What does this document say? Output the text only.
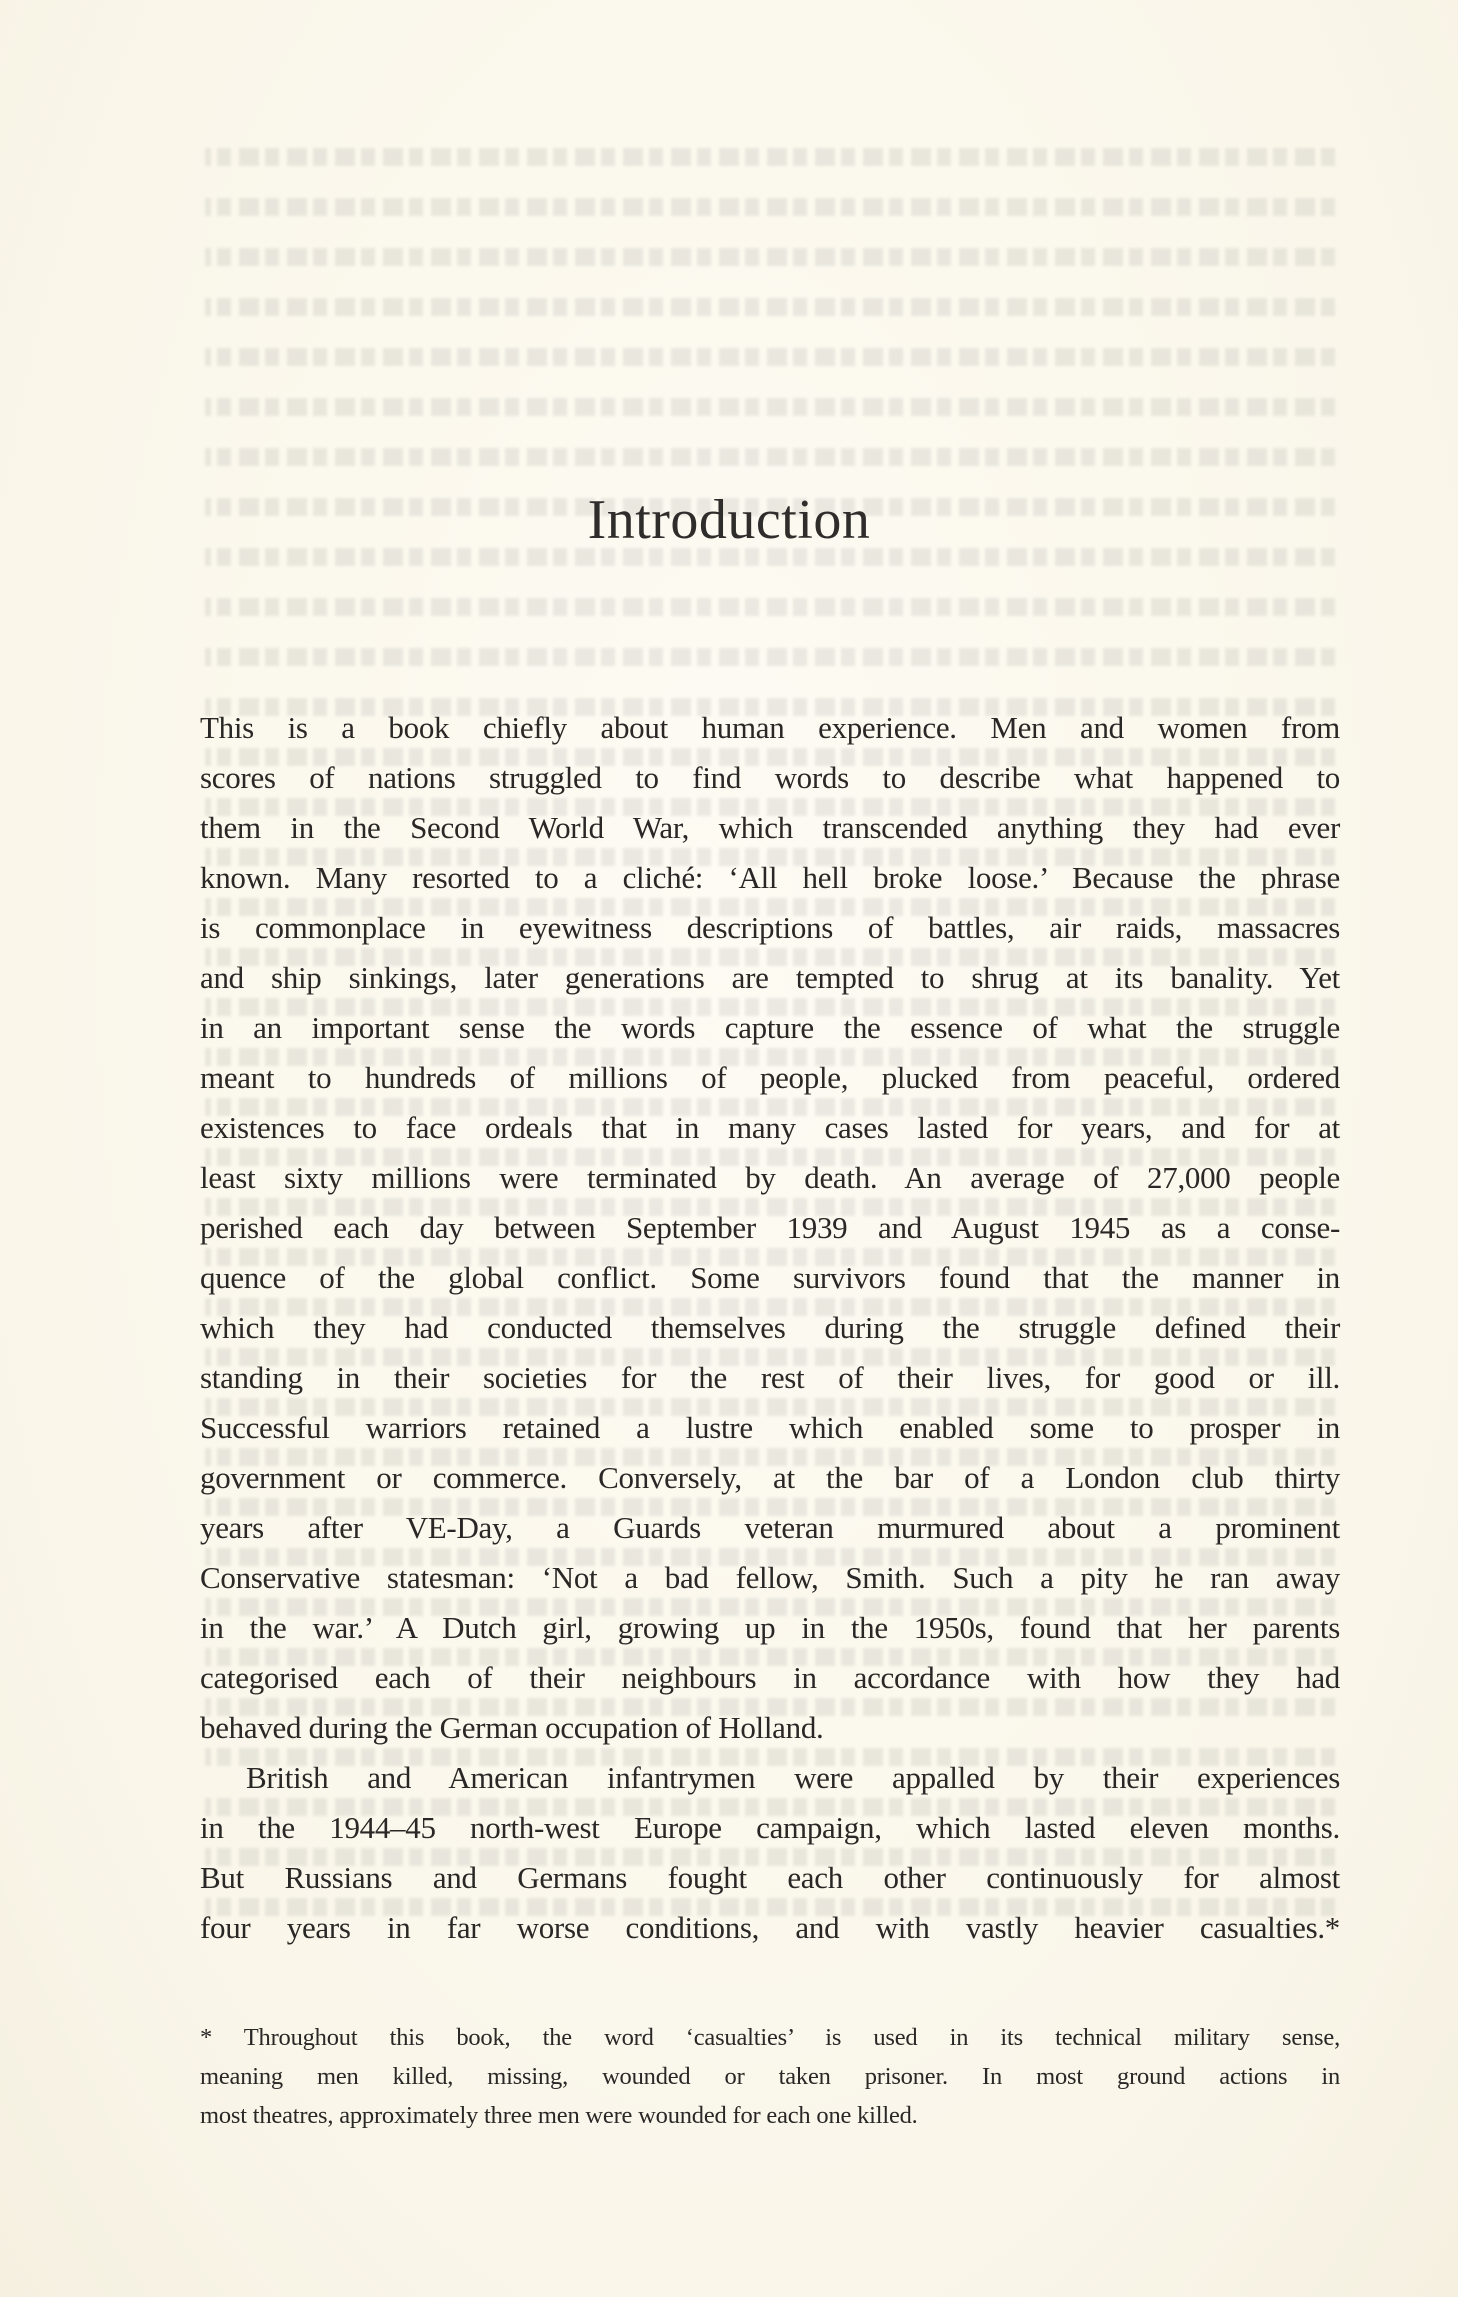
Introduction
This is a book chiefly about human experience. Men and women from
scores of nations struggled to find words to describe what happened to
them in the Second World War, which transcended anything they had ever
known. Many resorted to a cliché: ‘All hell broke loose.’ Because the phrase
is commonplace in eyewitness descriptions of battles, air raids, massacres
and ship sinkings, later generations are tempted to shrug at its banality. Yet
in an important sense the words capture the essence of what the struggle
meant to hundreds of millions of people, plucked from peaceful, ordered
existences to face ordeals that in many cases lasted for years, and for at
least sixty millions were terminated by death. An average of 27,000 people
perished each day between September 1939 and August 1945 as a conse-
quence of the global conflict. Some survivors found that the manner in
which they had conducted themselves during the struggle defined their
standing in their societies for the rest of their lives, for good or ill.
Successful warriors retained a lustre which enabled some to prosper in
government or commerce. Conversely, at the bar of a London club thirty
years after VE-Day, a Guards veteran murmured about a prominent
Conservative statesman: ‘Not a bad fellow, Smith. Such a pity he ran away
in the war.’ A Dutch girl, growing up in the 1950s, found that her parents
categorised each of their neighbours in accordance with how they had
behaved during the German occupation of Holland.
British and American infantrymen were appalled by their experiences
in the 1944–45 north-west Europe campaign, which lasted eleven months.
But Russians and Germans fought each other continuously for almost
four years in far worse conditions, and with vastly heavier casualties.*
* Throughout this book, the word ‘casualties’ is used in its technical military sense,
meaning men killed, missing, wounded or taken prisoner. In most ground actions in
most theatres, approximately three men were wounded for each one killed.
